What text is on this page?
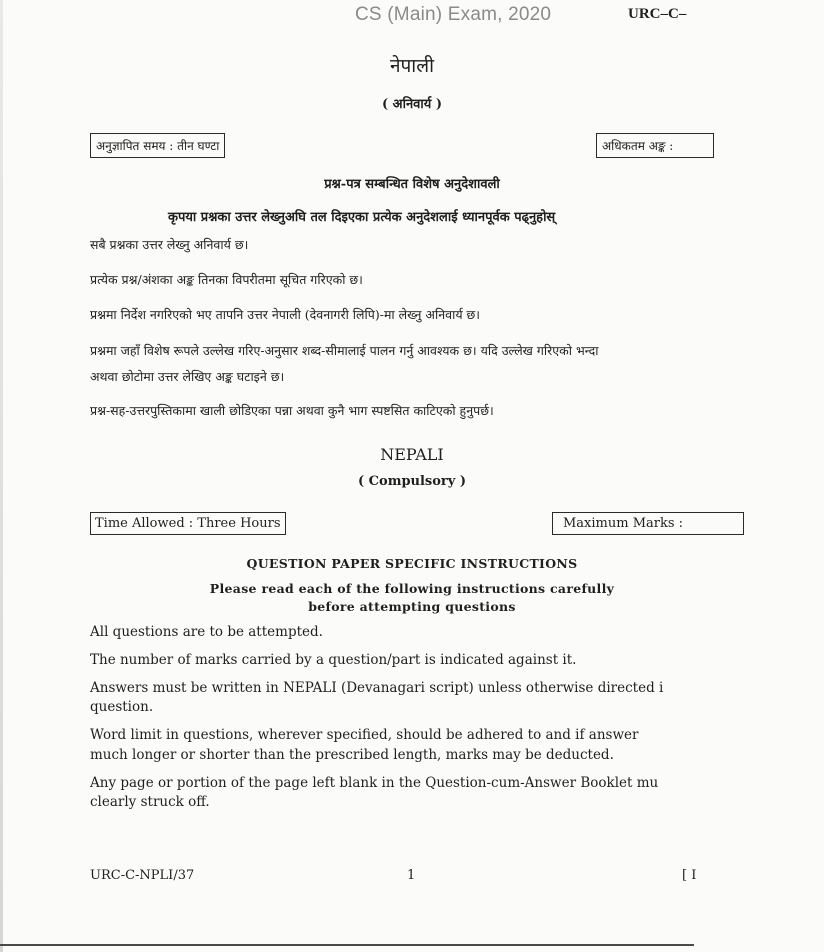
CS (Main) Exam, 2020	URC–C–
नेपाली
( अनिवार्य )
अनुज्ञापित समय : तीन घण्टा	अधिकतम अङ्क :
प्रश्न-पत्र सम्बन्धित विशेष अनुदेशावली
कृपया प्रश्नका उत्तर लेख्नुअघि तल दिइएका प्रत्येक अनुदेशलाई ध्यानपूर्वक पढ्नुहोस्
सबै प्रश्नका उत्तर लेख्नु अनिवार्य छ।
प्रत्येक प्रश्न/अंशका अङ्क तिनका विपरीतमा सूचित गरिएको छ।
प्रश्नमा निर्देश नगरिएको भए तापनि उत्तर नेपाली (देवनागरी लिपि)-मा लेख्नु अनिवार्य छ।
प्रश्नमा जहाँ विशेष रूपले उल्लेख गरिए-अनुसार शब्द-सीमालाई पालन गर्नु आवश्यक छ। यदि उल्लेख गरिएको भन्दा
अथवा छोटोमा उत्तर लेखिए अङ्क घटाइने छ।
प्रश्न-सह-उत्तरपुस्तिकामा खाली छोडिएका पन्ना अथवा कुनै भाग स्पष्टसित काटिएको हुनुपर्छ।
NEPALI
( Compulsory )
Time Allowed : Three Hours	Maximum Marks :
QUESTION PAPER SPECIFIC INSTRUCTIONS
Please read each of the following instructions carefully
before attempting questions
All questions are to be attempted.
The number of marks carried by a question/part is indicated against it.
Answers must be written in NEPALI (Devanagari script) unless otherwise directed i
question.
Word limit in questions, wherever specified, should be adhered to and if answer
much longer or shorter than the prescribed length, marks may be deducted.
Any page or portion of the page left blank in the Question-cum-Answer Booklet mu
clearly struck off.
URC-C-NPLI/37	1	[ I
